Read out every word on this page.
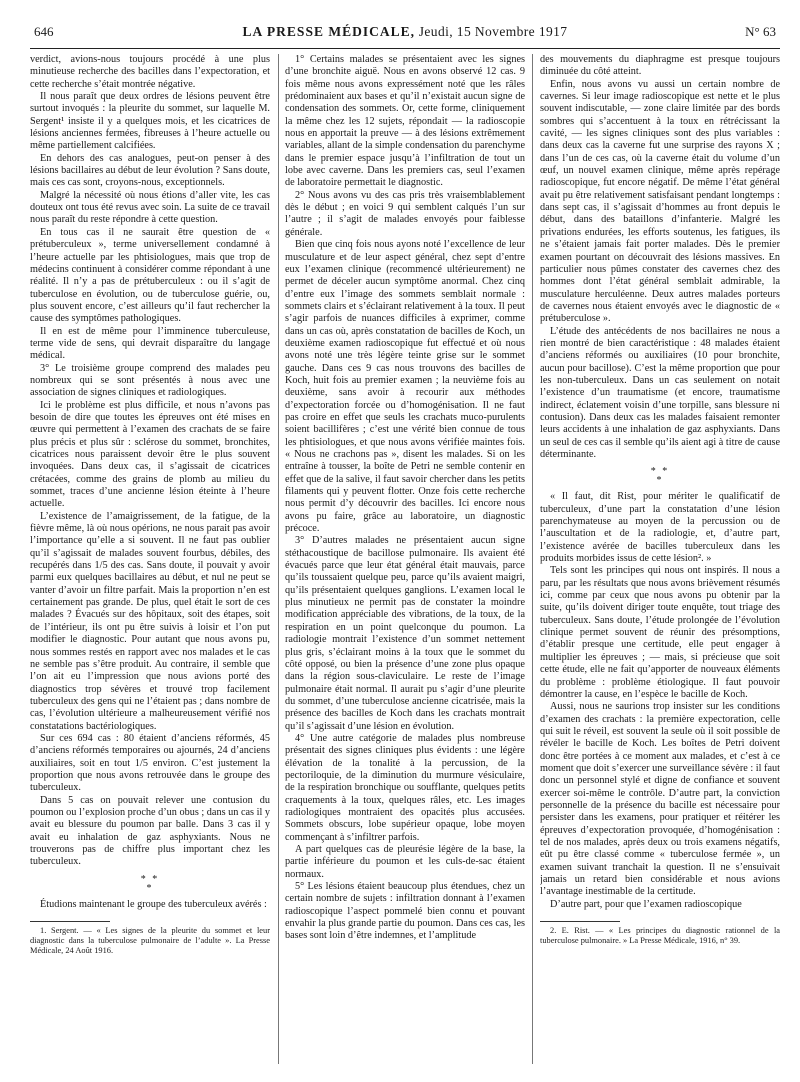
646	LA PRESSE MÉDICALE, Jeudi, 15 Novembre 1917	N° 63

verdict, avions-nous toujours procédé à une plus minutieuse recherche des bacilles dans l’expectoration, et cette recherche s’était montrée négative.

Il nous paraît que deux ordres de lésions peuvent être surtout invoqués : la pleurite du sommet, sur laquelle M. Sergent¹ insiste il y a quelques mois, et les cicatrices de lésions anciennes fermées, fibreuses à l’heure actuelle ou même partiellement calcifiées.

En dehors des cas analogues, peut-on penser à des lésions bacillaires au début de leur évolution ? Sans doute, mais ces cas sont, croyons-nous, exceptionnels.

Malgré la nécessité où nous étions d’aller vite, les cas douteux ont tous été revus avec soin. La suite de ce travail nous paraît du reste répondre à cette question.

En tous cas il ne saurait être question de « prétuberculeux », terme universellement condamné à l’heure actuelle par les phtisiologues, mais que trop de médecins continuent à considérer comme répondant à une réalité. Il n’y a pas de prétuberculeux : ou il s’agit de tuberculose en évolution, ou de tuberculose guérie, ou, plus souvent encore, c’est ailleurs qu’il faut rechercher la cause des symptômes pathologiques.

Il en est de même pour l’imminence tuberculeuse, terme vide de sens, qui devrait disparaître du langage médical.

3° Le troisième groupe comprend des malades peu nombreux qui se sont présentés à nous avec une association de signes cliniques et radiologiques.

Ici le problème est plus difficile, et nous n’avons pas besoin de dire que toutes les épreuves ont été mises en œuvre qui permettent à l’examen des crachats de se faire plus précis et plus sûr : sclérose du sommet, bronchites, cicatrices nous paraissent devoir être le plus souvent invoquées. Dans deux cas, il s’agissait de cicatrices crétacées, comme des grains de plomb au milieu du sommet, traces d’une ancienne lésion éteinte à l’heure actuelle.

L’existence de l’amaigrissement, de la fatigue, de la fièvre même, là où nous opérions, ne nous parait pas avoir l’importance qu’elle a si souvent. Il ne faut pas oublier qu’il s’agissait de malades souvent fourbus, débiles, des recupérés dans 1/5 des cas. Sans doute, il pouvait y avoir parmi eux quelques bacillaires au début, et nul ne peut se vanter d’avoir un filtre parfait. Mais la proportion n’en est certainement pas grande. De plus, quel était le sort de ces malades ? Évacués sur des hôpitaux, soit des étapes, soit de l’intérieur, ils ont pu être suivis à loisir et l’on put modifier le diagnostic. Pour autant que nous avons pu, nous sommes restés en rapport avec nos malades et le cas ne semble pas s’être produit. Au contraire, il semble que l’on ait eu l’impression que nous avions porté des diagnostics trop sévères et trouvé trop facilement tuberculeux des gens qui ne l’étaient pas ; dans nombre de cas, l’évolution ultérieure a malheureusement vérifié nos constatations bactériologiques.

Sur ces 694 cas : 80 étaient d’anciens réformés, 45 d’anciens réformés temporaires ou ajournés, 24 d’anciens auxiliaires, soit en tout 1/5 environ. C’est justement la proportion que nous avons retrouvée dans le groupe des tuberculeux.

Dans 5 cas on pouvait relever une contusion du poumon ou l’explosion proche d’un obus ; dans un cas il y avait eu blessure du poumon par balle. Dans 3 cas il y avait eu inhalation de gaz asphyxiants. Nous ne trouverons pas de chiffre plus important chez les tuberculeux.

* *
*

Étudions maintenant le groupe des tuberculeux avérés :

1. Sergent. — « Les signes de la pleurite du sommet et leur diagnostic dans la tuberculose pulmonaire de l’adulte ». La Presse Médicale, 24 Août 1916.

1° Certains malades se présentaient avec les signes d’une bronchite aiguë. Nous en avons observé 12 cas. 9 fois même nous avons expressément noté que les râles prédominaient aux bases et qu’il n’existait aucun signe de condensation des sommets. Or, cette forme, cliniquement la même chez les 12 sujets, répondait — la radioscopie nous en apportait la preuve — à des lésions extrêmement variables, allant de la simple condensation du parenchyme dans le premier espace jusqu’à l’infiltration de tout un lobe avec caverne. Dans les premiers cas, seul l’examen de laboratoire permettait le diagnostic.

2° Nous avons vu des cas pris très vraisemblablement dès le début ; en voici 9 qui semblent calqués l’un sur l’autre ; il s’agit de malades envoyés pour faiblesse générale.

Bien que cinq fois nous ayons noté l’excellence de leur musculature et de leur aspect général, chez sept d’entre eux l’examen clinique (recommencé ultérieurement) ne permet de déceler aucun symptôme anormal. Chez cinq d’entre eux l’image des sommets semblait normale : sommets clairs et s’éclairant relativement à la toux. Il peut s’agir parfois de nuances difficiles à exprimer, comme dans un cas où, après constatation de bacilles de Koch, un deuxième examen radioscopique fut effectué et où nous avons noté une très légère teinte grise sur le sommet gauche. Dans ces 9 cas nous trouvons des bacilles de Koch, huit fois au premier examen ; la neuvième fois au deuxième, sans avoir à recourir aux méthodes d’expectoration forcée ou d’homogénisation. Il ne faut pas croire en effet que seuls les crachats muco-purulents soient bacillifères ; c’est une vérité bien connue de tous les phtisiologues, et que nous avons vérifiée maintes fois. « Nous ne crachons pas », disent les malades. Si on les entraîne à tousser, la boîte de Petri ne semble contenir en effet que de la salive, il faut savoir chercher dans les petits filaments qui y peuvent flotter. Onze fois cette recherche nous permit d’y découvrir des bacilles. Ici encore nous avons pu faire, grâce au laboratoire, un diagnostic précoce.

3° D’autres malades ne présentaient aucun signe stéthacoustique de bacillose pulmonaire. Ils avaient été évacués parce que leur état général était mauvais, parce qu’ils toussaient quelque peu, parce qu’ils avaient maigri, qu’ils présentaient quelques ganglions. L’examen local le plus minutieux ne permit pas de constater la moindre modification appréciable des vibrations, de la toux, de la respiration en un point quelconque du poumon. La radiologie montrait l’existence d’un sommet nettement plus gris, s’éclairant moins à la toux que le sommet du côté opposé, ou bien la présence d’une zone plus opaque dans la région sous-claviculaire. Le reste de l’image pulmonaire était normal. Il aurait pu s’agir d’une pleurite du sommet, d’une tuberculose ancienne cicatrisée, mais la présence des bacilles de Koch dans les crachats montrait qu’il s’agissait d’une lésion en évolution.

4° Une autre catégorie de malades plus nombreuse présentait des signes cliniques plus évidents : une légère élévation de la tonalité à la percussion, de la pectoriloquie, de la diminution du murmure vésiculaire, de la respiration bronchique ou soufflante, quelques petits craquements à la toux, quelques râles, etc. Les images radiologiques montraient des opacités plus accusées. Sommets obscurs, lobe supérieur opaque, lobe moyen commençant à s’infiltrer parfois.

A part quelques cas de pleurésie légère de la base, la partie inférieure du poumon et les culs-de-sac étaient normaux.

5° Les lésions étaient beaucoup plus étendues, chez un certain nombre de sujets : infiltration donnant à l’examen radioscopique l’aspect pommelé bien connu et pouvant envahir la plus grande partie du poumon. Dans ces cas, les bases sont loin d’être indemnes, et l’amplitude

des mouvements du diaphragme est presque toujours diminuée du côté atteint.

Enfin, nous avons vu aussi un certain nombre de cavernes. Si leur image radioscopique est nette et le plus souvent indiscutable, — zone claire limitée par des bords sombres qui s’accentuent à la toux en rétrécissant la cavité, — les signes cliniques sont des plus variables : dans deux cas la caverne fut une surprise des rayons X ; dans l’un de ces cas, où la caverne était du volume d’un œuf, un nouvel examen clinique, même après repérage radioscopique, fut encore négatif. De même l’état général avait pu être relativement satisfaisant pendant longtemps : dans sept cas, il s’agissait d’hommes au front depuis le début, dans des bataillons d’infanterie. Malgré les privations endurées, les efforts soutenus, les fatigues, ils ne s’étaient jamais fait porter malades. Dès le premier examen pourtant on découvrait des lésions massives. En particulier nous pûmes constater des cavernes chez des hommes dont l’état général semblait admirable, la musculature herculéenne. Deux autres malades porteurs de cavernes nous étaient envoyés avec le diagnostic de « prétuberculose ».

L’étude des antécédents de nos bacillaires ne nous a rien montré de bien caractéristique : 48 malades étaient d’anciens réformés ou auxiliaires (10 pour bronchite, aucun pour bacillose). C’est la même proportion que pour les non-tuberculeux. Dans un cas seulement on notait l’existence d’un traumatisme (et encore, traumatisme indirect, éclatement voisin d’une torpille, sans blessure ni contusion). Dans deux cas les malades faisaient remonter leurs accidents à une inhalation de gaz asphyxiants. Dans un seul de ces cas il semble qu’ils aient agi à titre de cause déterminante.

* *
*

« Il faut, dit Rist, pour mériter le qualificatif de tuberculeux, d’une part la constatation d’une lésion parenchymateuse au moyen de la percussion ou de l’auscultation et de la radiologie, et, d’autre part, l’existence avérée de bacilles tuberculeux dans les produits morbides issus de cette lésion². »

Tels sont les principes qui nous ont inspirés. Il nous a paru, par les résultats que nous avons brièvement résumés ici, comme par ceux que nous avons pu obtenir par la suite, qu’ils doivent diriger toute enquête, tout triage des tuberculeux. Sans doute, l’étude prolongée de l’évolution clinique permet souvent de réunir des présomptions, d’établir presque une certitude, elle peut engager à multiplier les épreuves ; — mais, si précieuse que soit cette étude, elle ne fait qu’apporter de nouveaux éléments du problème : problème étiologique. Il faut pouvoir démontrer la cause, en l’espèce le bacille de Koch.

Aussi, nous ne saurions trop insister sur les conditions d’examen des crachats : la première expectoration, celle qui suit le réveil, est souvent la seule où il soit possible de révéler le bacille de Koch. Les boîtes de Petri doivent donc être portées à ce moment aux malades, et c’est à ce moment que doit s’exercer une surveillance sévère : il faut donc un personnel stylé et digne de confiance et souvent exercer soi-même le contrôle. D’autre part, la conviction personnelle de la présence du bacille est nécessaire pour persister dans les examens, pour pratiquer et réitérer les épreuves d’expectoration provoquée, d’homogénisation : tel de nos malades, après deux ou trois examens négatifs, eût pu être classé comme « tuberculose fermée », un examen suivant tranchait la question. Il ne s’ensuivait jamais un retard bien considérable et nous avions l’avantage inestimable de la certitude.

D’autre part, pour que l’examen radioscopique

2. E. Rist. — « Les principes du diagnostic rationnel de la tuberculose pulmonaire. » La Presse Médicale, 1916, n° 39.
